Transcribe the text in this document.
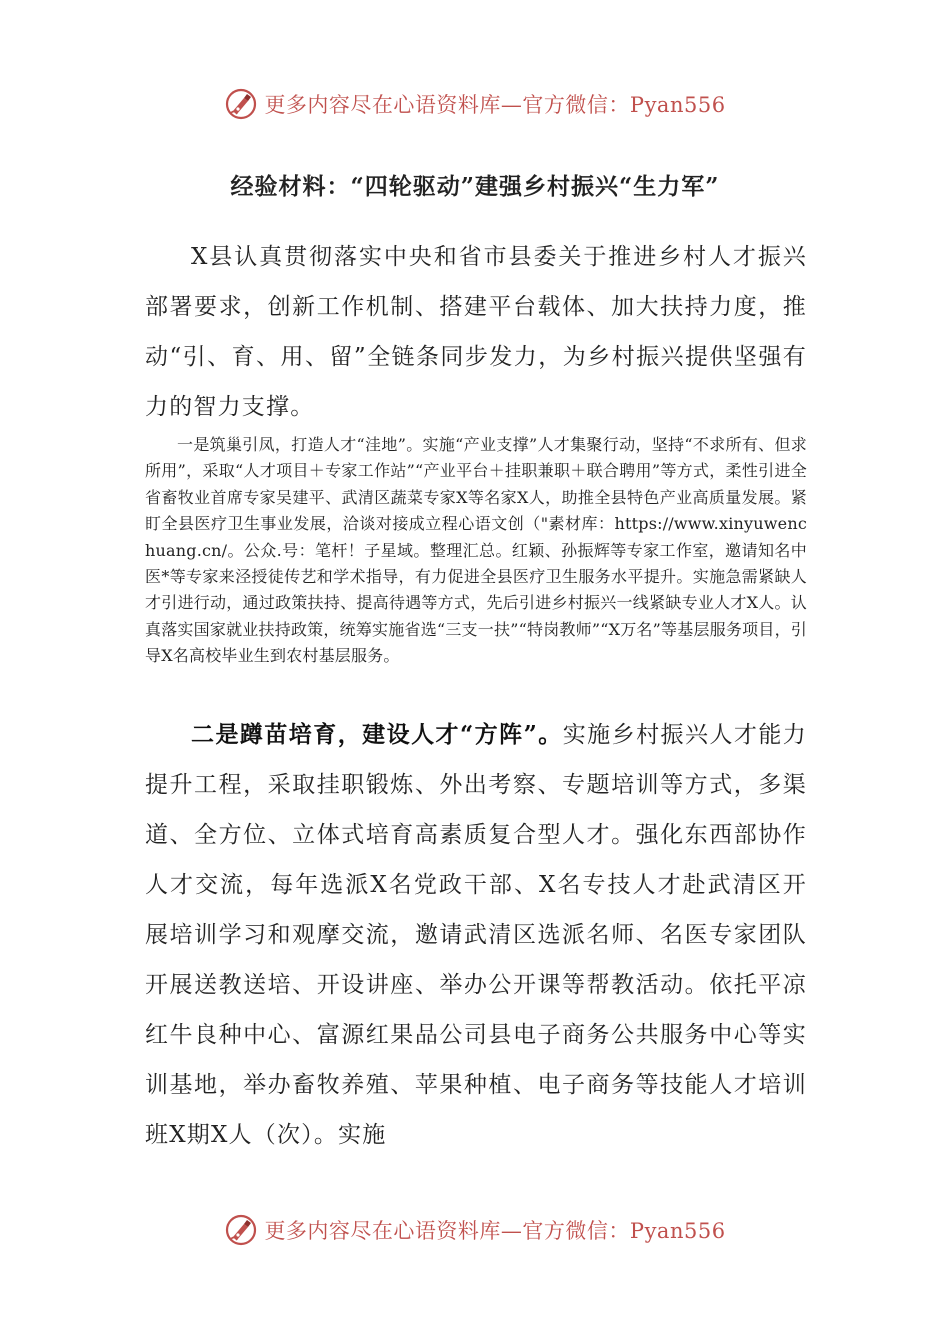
更多内容尽在心语资料库—官方微信：Pyan556
经验材料：“四轮驱动”建强乡村振兴“生力军”

X县认真贯彻落实中央和省市县委关于推进乡村人才振兴部署要求，创新工作机制、搭建平台载体、加大扶持力度，推动“引、育、用、留”全链条同步发力，为乡村振兴提供坚强有力的智力支撑。

一是筑巢引凤，打造人才“洼地”。实施“产业支撑”人才集聚行动，坚持“不求所有、但求所用”，采取“人才项目＋专家工作站”“产业平台＋挂职兼职＋联合聘用”等方式，柔性引进全省畜牧业首席专家吴建平、武清区蔬菜专家X等名家X人，助推全县特色产业高质量发展。紧盯全县医疗卫生事业发展，洽谈对接成立程心语文创（"素材库：https://www.xinyuwenchuang.cn/。公众.号：笔杆！子星域。整理汇总。红颖、孙振辉等专家工作室，邀请知名中医*等专家来泾授徒传艺和学术指导，有力促进全县医疗卫生服务水平提升。实施急需紧缺人才引进行动，通过政策扶持、提高待遇等方式，先后引进乡村振兴一线紧缺专业人才X人。认真落实国家就业扶持政策，统筹实施省选“三支一扶”“特岗教师”“X万名”等基层服务项目，引导X名高校毕业生到农村基层服务。

二是蹲苗培育，建设人才“方阵”。实施乡村振兴人才能力提升工程，采取挂职锻炼、外出考察、专题培训等方式，多渠道、全方位、立体式培育高素质复合型人才。强化东西部协作人才交流，每年选派X名党政干部、X名专技人才赴武清区开展培训学习和观摩交流，邀请武清区选派名师、名医专家团队开展送教送培、开设讲座、举办公开课等帮教活动。依托平凉红牛良种中心、富源红果品公司县电子商务公共服务中心等实训基地，举办畜牧养殖、苹果种植、电子商务等技能人才培训班X期X人（次）。实施

更多内容尽在心语资料库—官方微信：Pyan556
